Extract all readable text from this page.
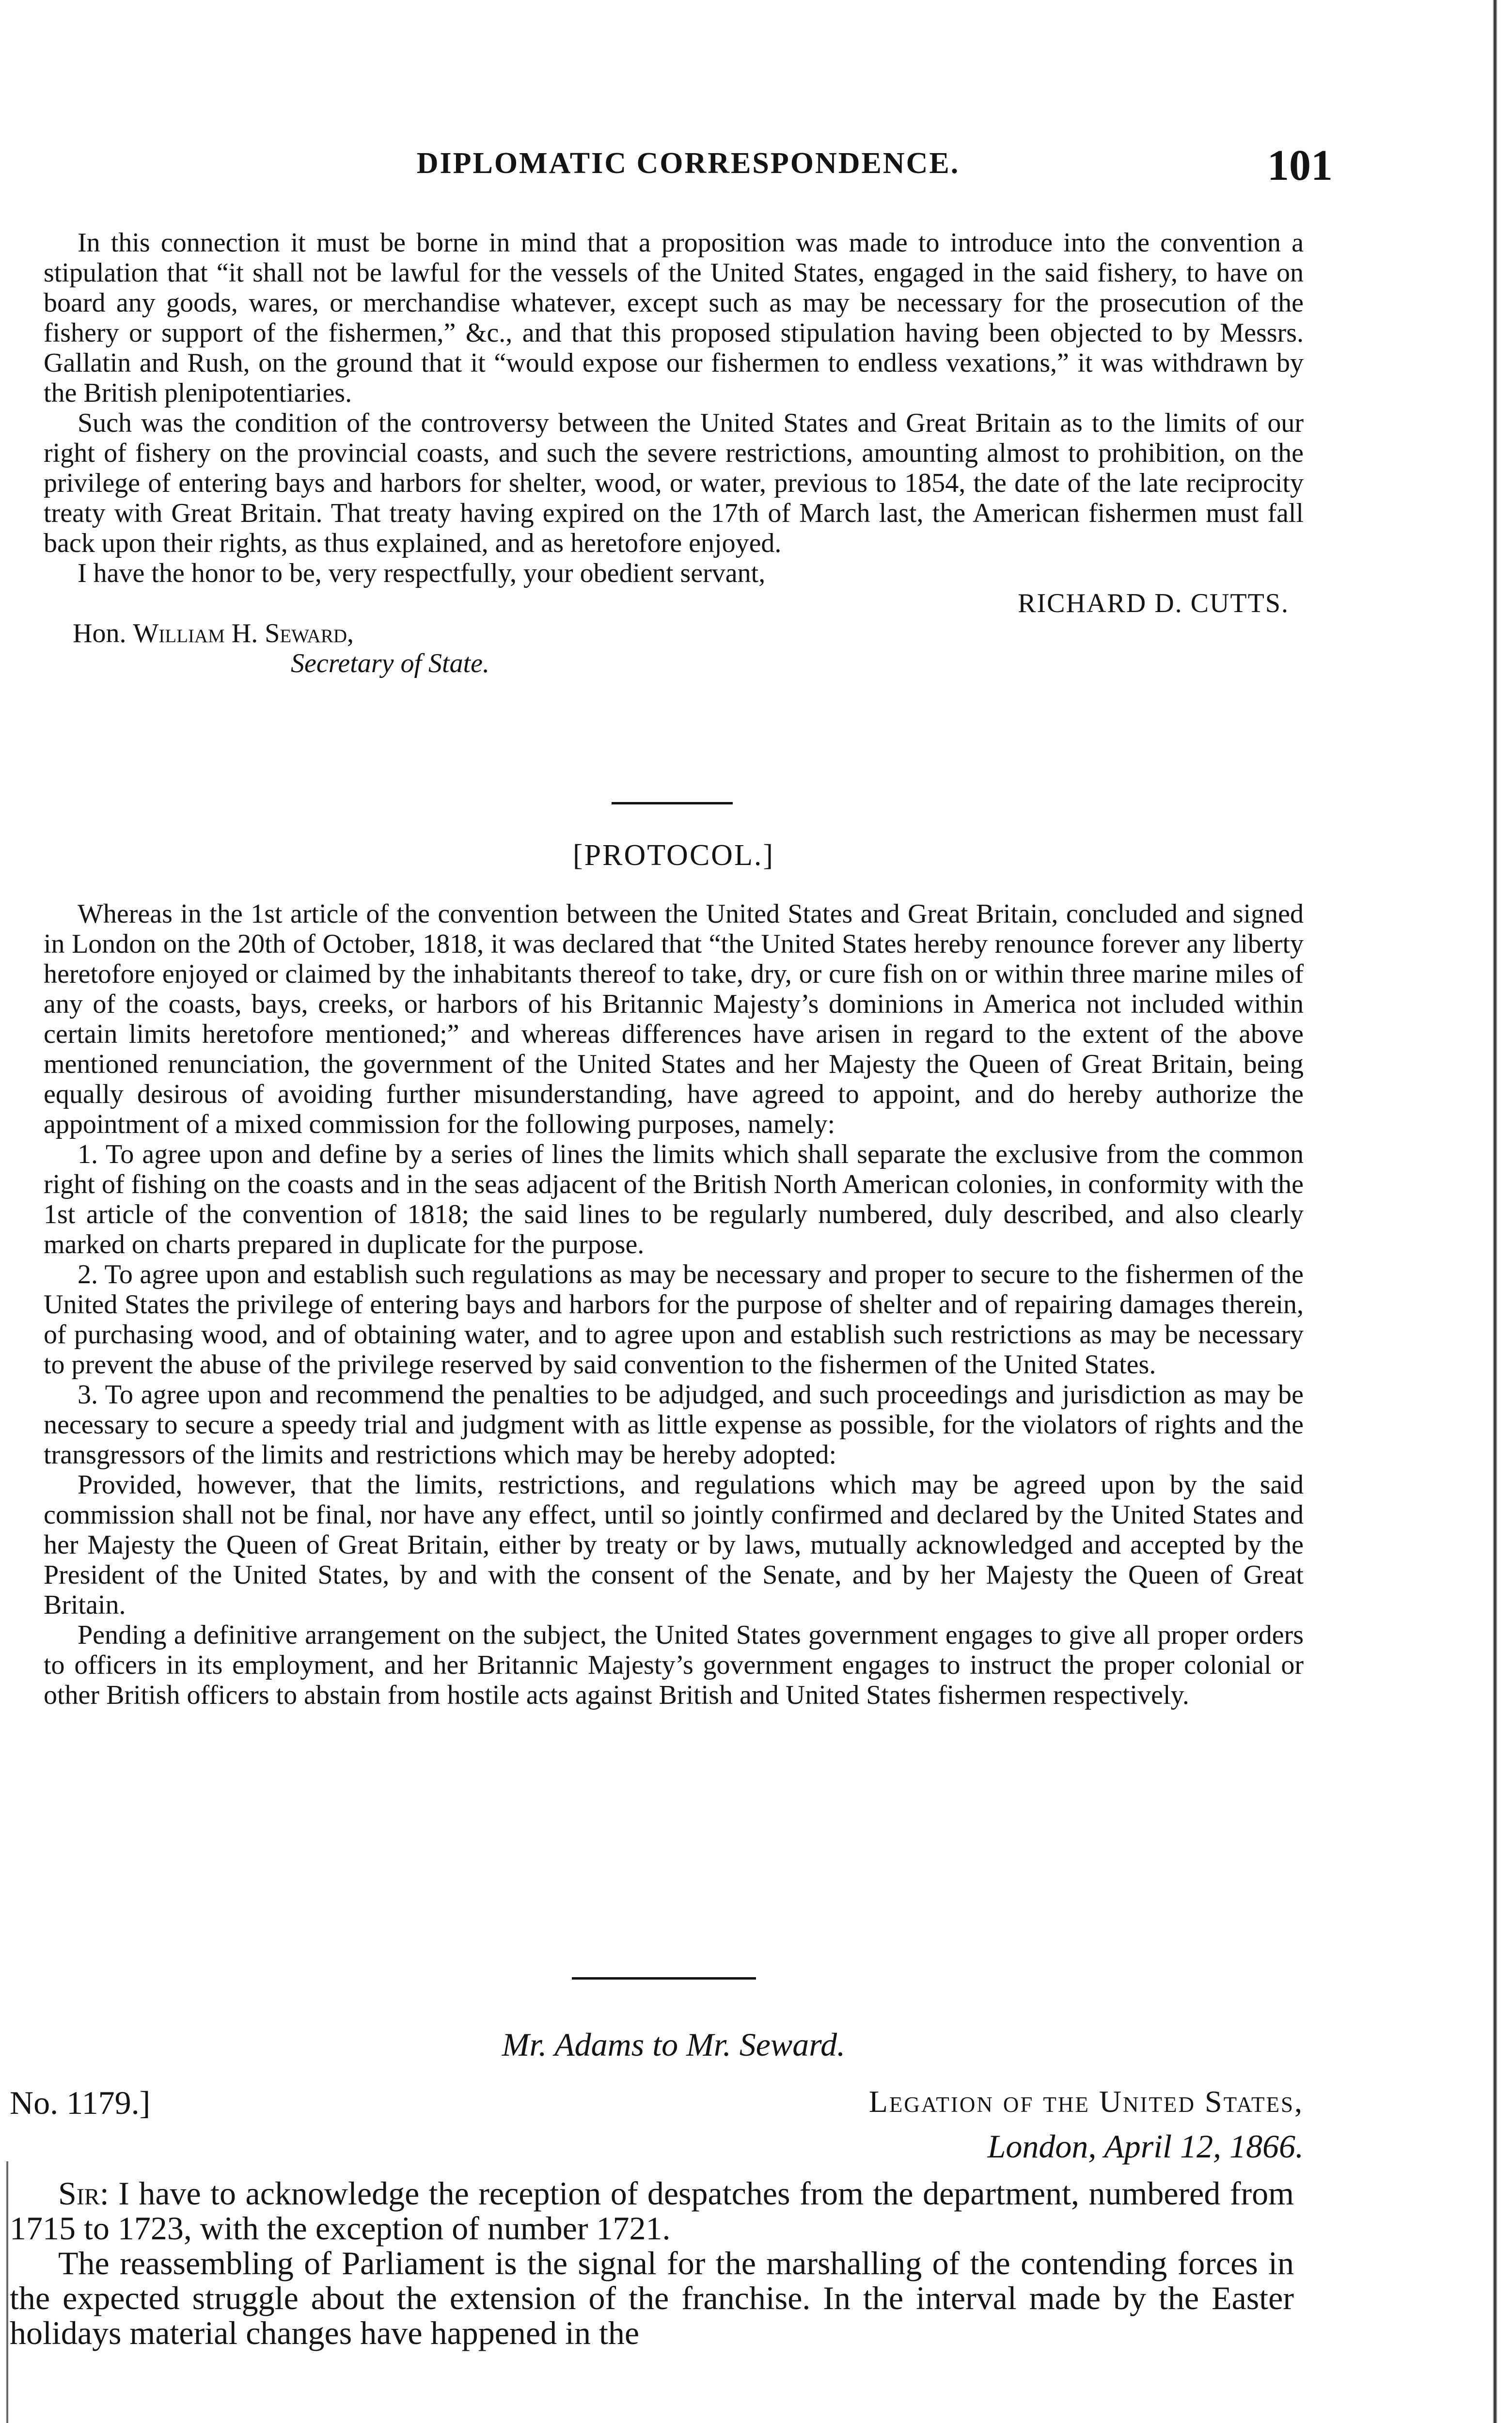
DIPLOMATIC CORRESPONDENCE.	101

In this connection it must be borne in mind that a proposition was made to introduce into the convention a stipulation that “it shall not be lawful for the vessels of the United States, engaged in the said fishery, to have on board any goods, wares, or merchandise whatever, except such as may be necessary for the prosecution of the fishery or support of the fishermen,” &c., and that this proposed stipulation having been objected to by Messrs. Gallatin and Rush, on the ground that it “would expose our fishermen to endless vexations,” it was withdrawn by the British plenipotentiaries.

Such was the condition of the controversy between the United States and Great Britain as to the limits of our right of fishery on the provincial coasts, and such the severe restrictions, amounting almost to prohibition, on the privilege of entering bays and harbors for shelter, wood, or water, previous to 1854, the date of the late reciprocity treaty with Great Britain. That treaty having expired on the 17th of March last, the American fishermen must fall back upon their rights, as thus explained, and as heretofore enjoyed.

I have the honor to be, very respectfully, your obedient servant,

RICHARD D. CUTTS.

Hon. William H. Seward,

Secretary of State.

[PROTOCOL.]

Whereas in the 1st article of the convention between the United States and Great Britain, concluded and signed in London on the 20th of October, 1818, it was declared that “the United States hereby renounce forever any liberty heretofore enjoyed or claimed by the inhabitants thereof to take, dry, or cure fish on or within three marine miles of any of the coasts, bays, creeks, or harbors of his Britannic Majesty’s dominions in America not included within certain limits heretofore mentioned;” and whereas differences have arisen in regard to the extent of the above mentioned renunciation, the government of the United States and her Majesty the Queen of Great Britain, being equally desirous of avoiding further misunderstanding, have agreed to appoint, and do hereby authorize the appointment of a mixed commission for the following purposes, namely:

1. To agree upon and define by a series of lines the limits which shall separate the exclusive from the common right of fishing on the coasts and in the seas adjacent of the British North American colonies, in conformity with the 1st article of the convention of 1818; the said lines to be regularly numbered, duly described, and also clearly marked on charts prepared in duplicate for the purpose.

2. To agree upon and establish such regulations as may be necessary and proper to secure to the fishermen of the United States the privilege of entering bays and harbors for the purpose of shelter and of repairing damages therein, of purchasing wood, and of obtaining water, and to agree upon and establish such restrictions as may be necessary to prevent the abuse of the privilege reserved by said convention to the fishermen of the United States.

3. To agree upon and recommend the penalties to be adjudged, and such proceedings and jurisdiction as may be necessary to secure a speedy trial and judgment with as little expense as possible, for the violators of rights and the transgressors of the limits and restrictions which may be hereby adopted:

Provided, however, that the limits, restrictions, and regulations which may be agreed upon by the said commission shall not be final, nor have any effect, until so jointly confirmed and declared by the United States and her Majesty the Queen of Great Britain, either by treaty or by laws, mutually acknowledged and accepted by the President of the United States, by and with the consent of the Senate, and by her Majesty the Queen of Great Britain.

Pending a definitive arrangement on the subject, the United States government engages to give all proper orders to officers in its employment, and her Britannic Majesty’s government engages to instruct the proper colonial or other British officers to abstain from hostile acts against British and United States fishermen respectively.

Mr. Adams to Mr. Seward.
No. 1179.]	Legation of the United States,
London, April 12, 1866.

Sir: I have to acknowledge the reception of despatches from the department, numbered from 1715 to 1723, with the exception of number 1721.

The reassembling of Parliament is the signal for the marshalling of the contending forces in the expected struggle about the extension of the franchise. In the interval made by the Easter holidays material changes have happened in the
